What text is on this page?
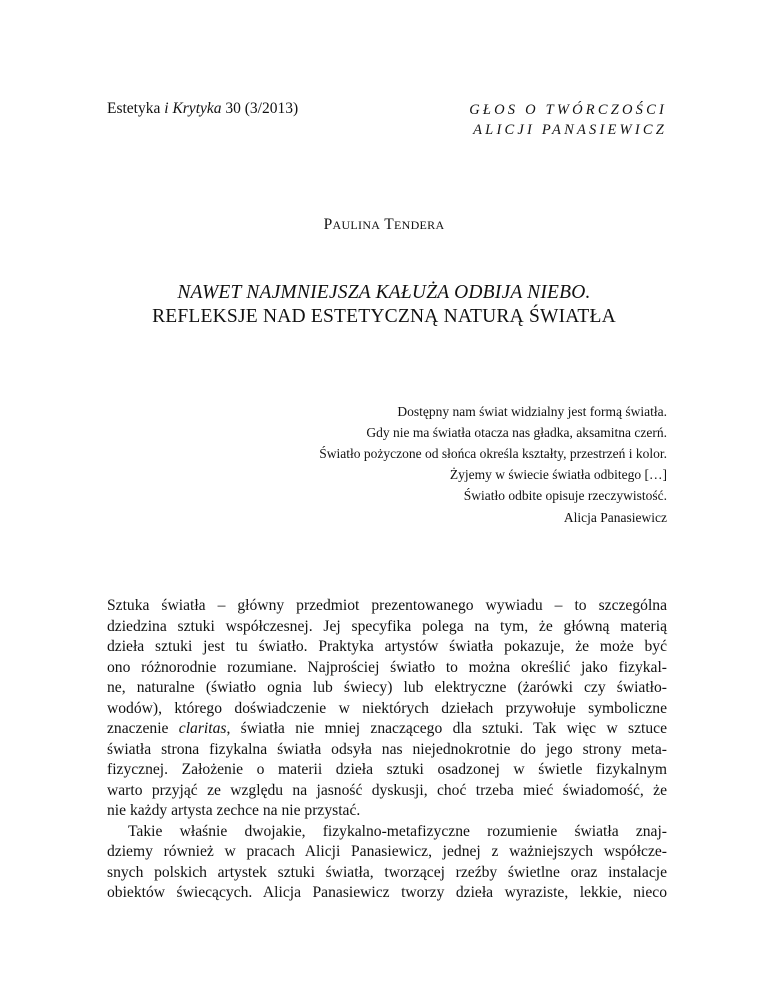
Estetyka i Krytyka 30 (3/2013)	GŁOS O TWÓRCZOŚCI
ALICJI PANASIEWICZ
PAULINA TENDERA
NAWET NAJMNIEJSZA KAŁUŻA ODBIJA NIEBO.
REFLEKSJE NAD ESTETYCZNĄ NATURĄ ŚWIATŁA
Dostępny nam świat widzialny jest formą światła.
Gdy nie ma światła otacza nas gładka, aksamitna czerń.
Światło pożyczone od słońca określa kształty, przestrzeń i kolor.
Żyjemy w świecie światła odbitego […]
Światło odbite opisuje rzeczywistość.
Alicja Panasiewicz
Sztuka światła – główny przedmiot prezentowanego wywiadu – to szczególna
dziedzina sztuki współczesnej. Jej specyfika polega na tym, że główną materią
dzieła sztuki jest tu światło. Praktyka artystów światła pokazuje, że może być
ono różnorodnie rozumiane. Najprościej światło to można określić jako fizykal-
ne, naturalne (światło ognia lub świecy) lub elektryczne (żarówki czy światło-
wodów), którego doświadczenie w niektórych dziełach przywołuje symboliczne
znaczenie claritas, światła nie mniej znaczącego dla sztuki. Tak więc w sztuce
światła strona fizykalna światła odsyła nas niejednokrotnie do jego strony meta-
fizycznej. Założenie o materii dzieła sztuki osadzonej w świetle fizykalnym
warto przyjąć ze względu na jasność dyskusji, choć trzeba mieć świadomość, że
nie każdy artysta zechce na nie przystać.
Takie właśnie dwojakie, fizykalno-metafizyczne rozumienie światła znaj-
dziemy również w pracach Alicji Panasiewicz, jednej z ważniejszych współcze-
snych polskich artystek sztuki światła, tworzącej rzeźby świetlne oraz instalacje
obiektów świecących. Alicja Panasiewicz tworzy dzieła wyraziste, lekkie, nieco
